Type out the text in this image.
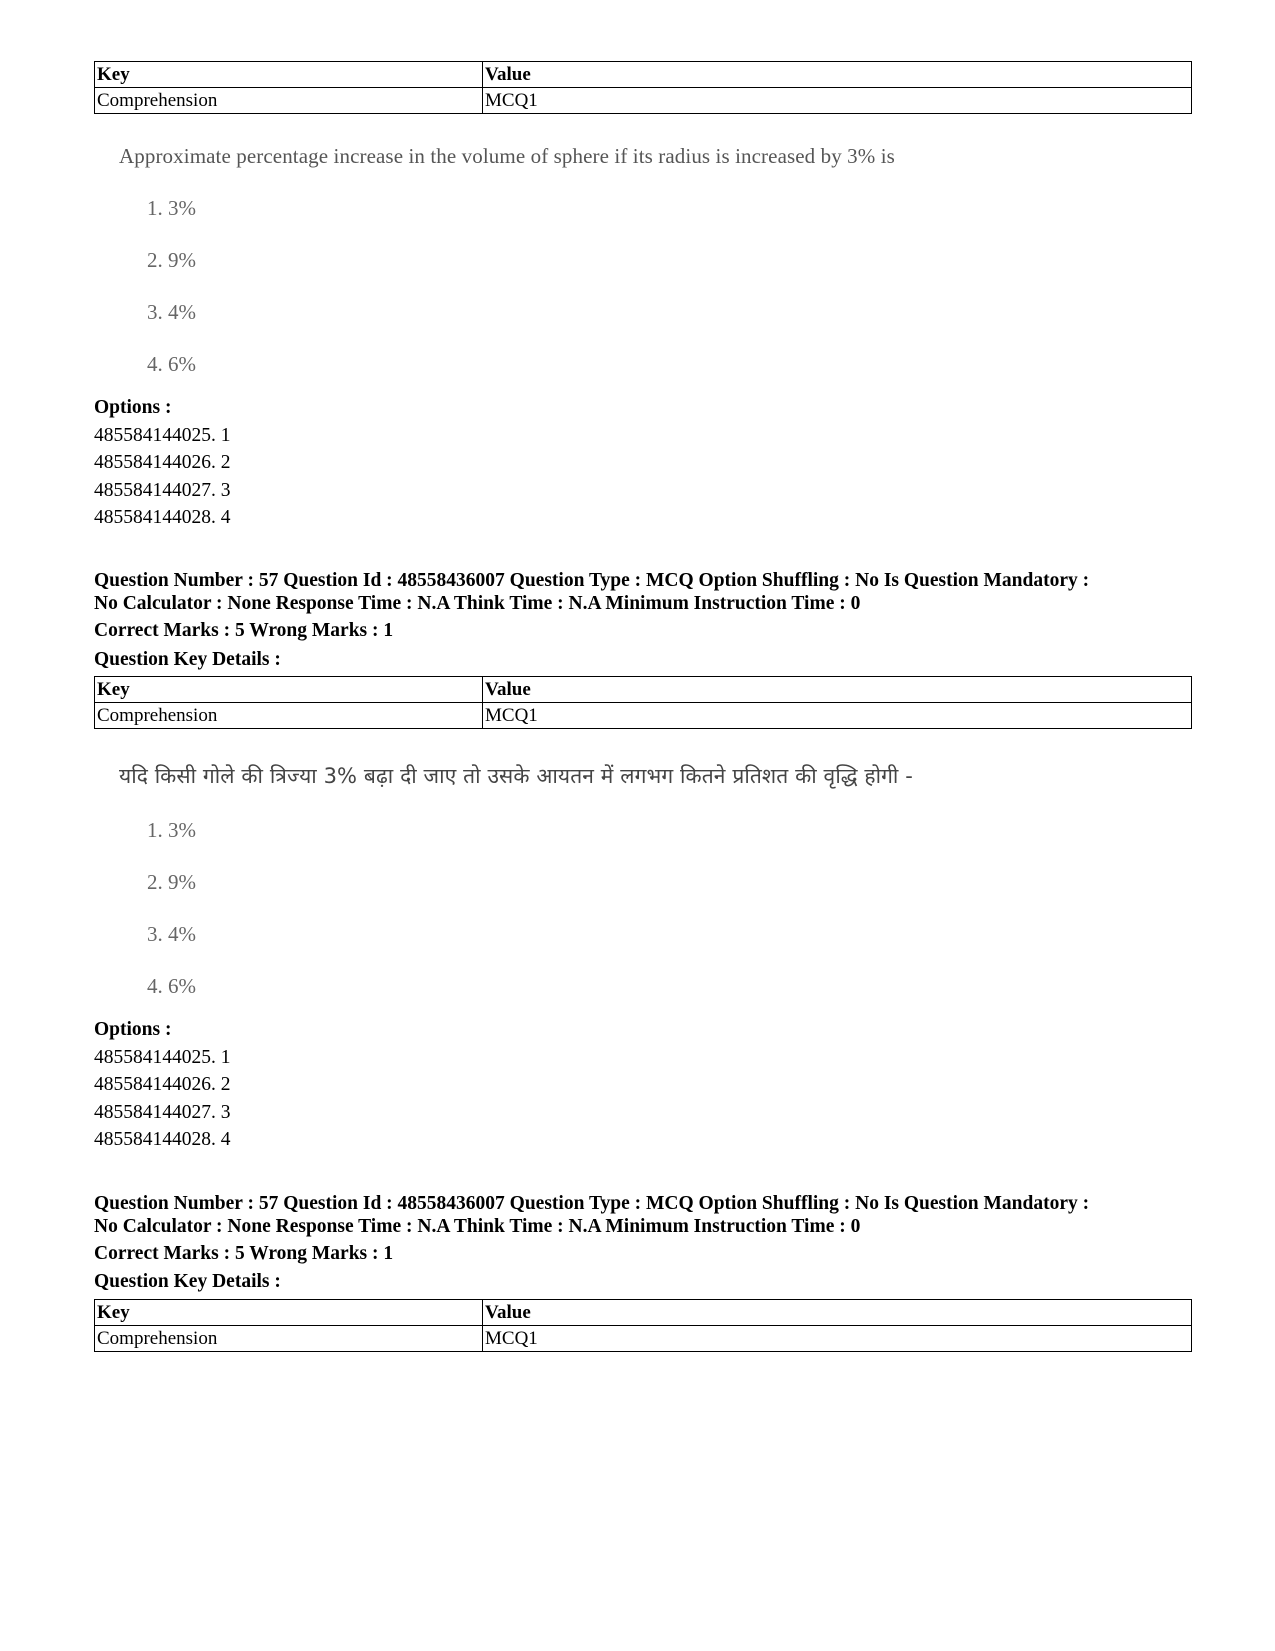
Key	Value
Comprehension	MCQ1
Approximate percentage increase in the volume of sphere if its radius is increased by 3% is
1. 3%
2. 9%
3. 4%
4. 6%
Options :
485584144025. 1
485584144026. 2
485584144027. 3
485584144028. 4
Question Number : 57 Question Id : 48558436007 Question Type : MCQ Option Shuffling : No Is Question Mandatory :
No Calculator : None Response Time : N.A Think Time : N.A Minimum Instruction Time : 0
Correct Marks : 5 Wrong Marks : 1
Question Key Details :
Key	Value
Comprehension	MCQ1
यदि किसी गोले की त्रिज्या 3% बढ़ा दी जाए तो उसके आयतन में लगभग कितने प्रतिशत की वृद्धि होगी -
1. 3%
2. 9%
3. 4%
4. 6%
Options :
485584144025. 1
485584144026. 2
485584144027. 3
485584144028. 4
Question Number : 57 Question Id : 48558436007 Question Type : MCQ Option Shuffling : No Is Question Mandatory :
No Calculator : None Response Time : N.A Think Time : N.A Minimum Instruction Time : 0
Correct Marks : 5 Wrong Marks : 1
Question Key Details :
Key	Value
Comprehension	MCQ1
